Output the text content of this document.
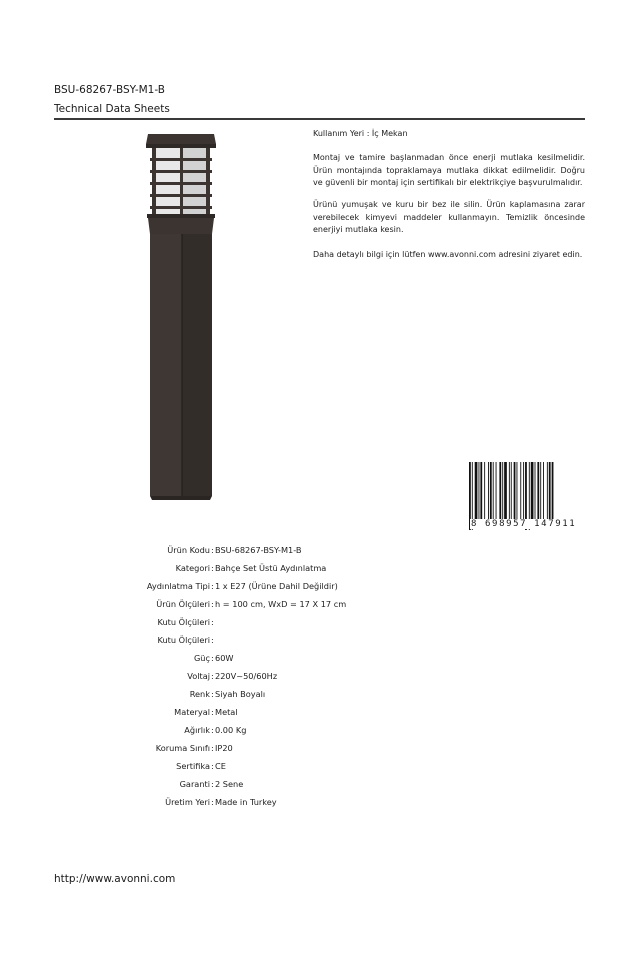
BSU-68267-BSY-M1-B
Technical Data Sheets

Kullanım Yeri : İç Mekan

Montaj ve tamire başlanmadan önce enerji mutlaka kesilmelidir. Ürün montajında topraklamaya mutlaka dikkat edilmelidir. Doğru ve güvenli bir montaj için sertifikalı bir elektrikçiye başvurulmalıdır.

Ürünü yumuşak ve kuru bir bez ile silin. Ürün kaplamasına zarar verebilecek kimyevi maddeler kullanmayın. Temizlik öncesinde enerjiyi mutlaka kesin.

Daha detaylı bilgi için lütfen www.avonni.com adresini ziyaret edin.

8 698957 147911
Ürün Kodu : BSU-68267-BSY-M1-B
Kategori : Bahçe Set Üstü Aydınlatma
Aydınlatma Tipi : 1 x E27 (Ürüne Dahil Değildir)
Ürün Ölçüleri : h = 100 cm, WxD = 17 X 17 cm
Kutu Ölçüleri :
Kutu Ölçüleri :
Güç : 60W
Voltaj : 220V~50/60Hz
Renk : Siyah Boyalı
Materyal : Metal
Ağırlık : 0.00 Kg
Koruma Sınıfı : IP20
Sertifika : CE
Garanti : 2 Sene
Üretim Yeri : Made in Turkey
http://www.avonni.com
